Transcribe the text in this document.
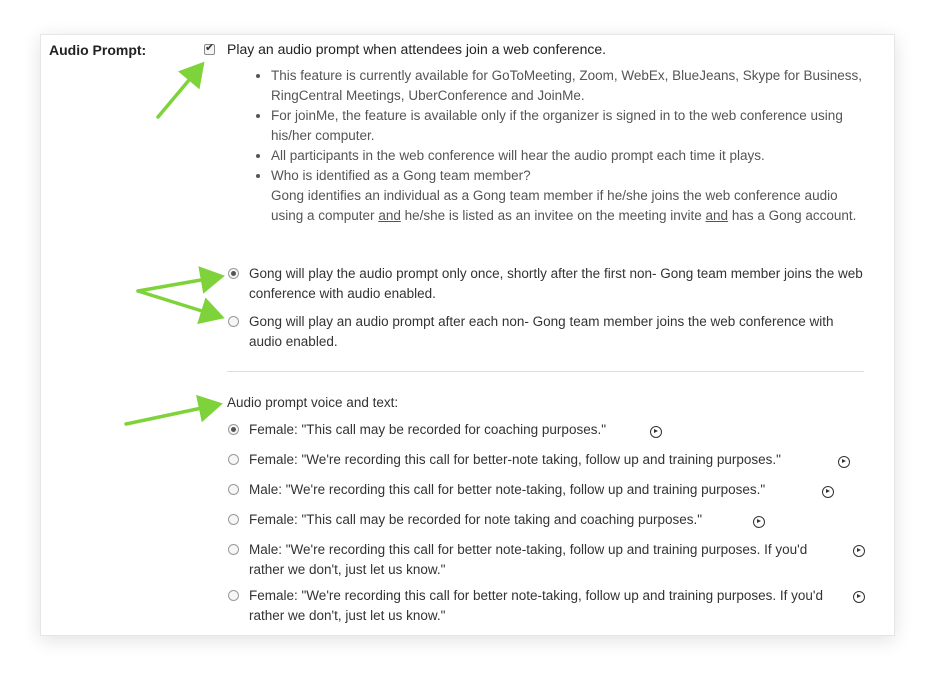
Audio Prompt:	✔ Play an audio prompt when attendees join a web conference.
• This feature is currently available for GoToMeeting, Zoom, WebEx, BlueJeans, Skype for Business, RingCentral Meetings, UberConference and JoinMe.
• For joinMe, the feature is available only if the organizer is signed in to the web conference using his/her computer.
• All participants in the web conference will hear the audio prompt each time it plays.
• Who is identified as a Gong team member?
Gong identifies an individual as a Gong team member if he/she joins the web conference audio using a computer and he/she is listed as an invitee on the meeting invite and has a Gong account.
Gong will play the audio prompt only once, shortly after the first non- Gong team member joins the web conference with audio enabled.
Gong will play an audio prompt after each non- Gong team member joins the web conference with audio enabled.
Audio prompt voice and text:
Female: "This call may be recorded for coaching purposes."
Female: "We're recording this call for better-note taking, follow up and training purposes."
Male: "We're recording this call for better note-taking, follow up and training purposes."
Female: "This call may be recorded for note taking and coaching purposes."
Male: "We're recording this call for better note-taking, follow up and training purposes. If you'd rather we don't, just let us know."
Female: "We're recording this call for better note-taking, follow up and training purposes. If you'd rather we don't, just let us know."
